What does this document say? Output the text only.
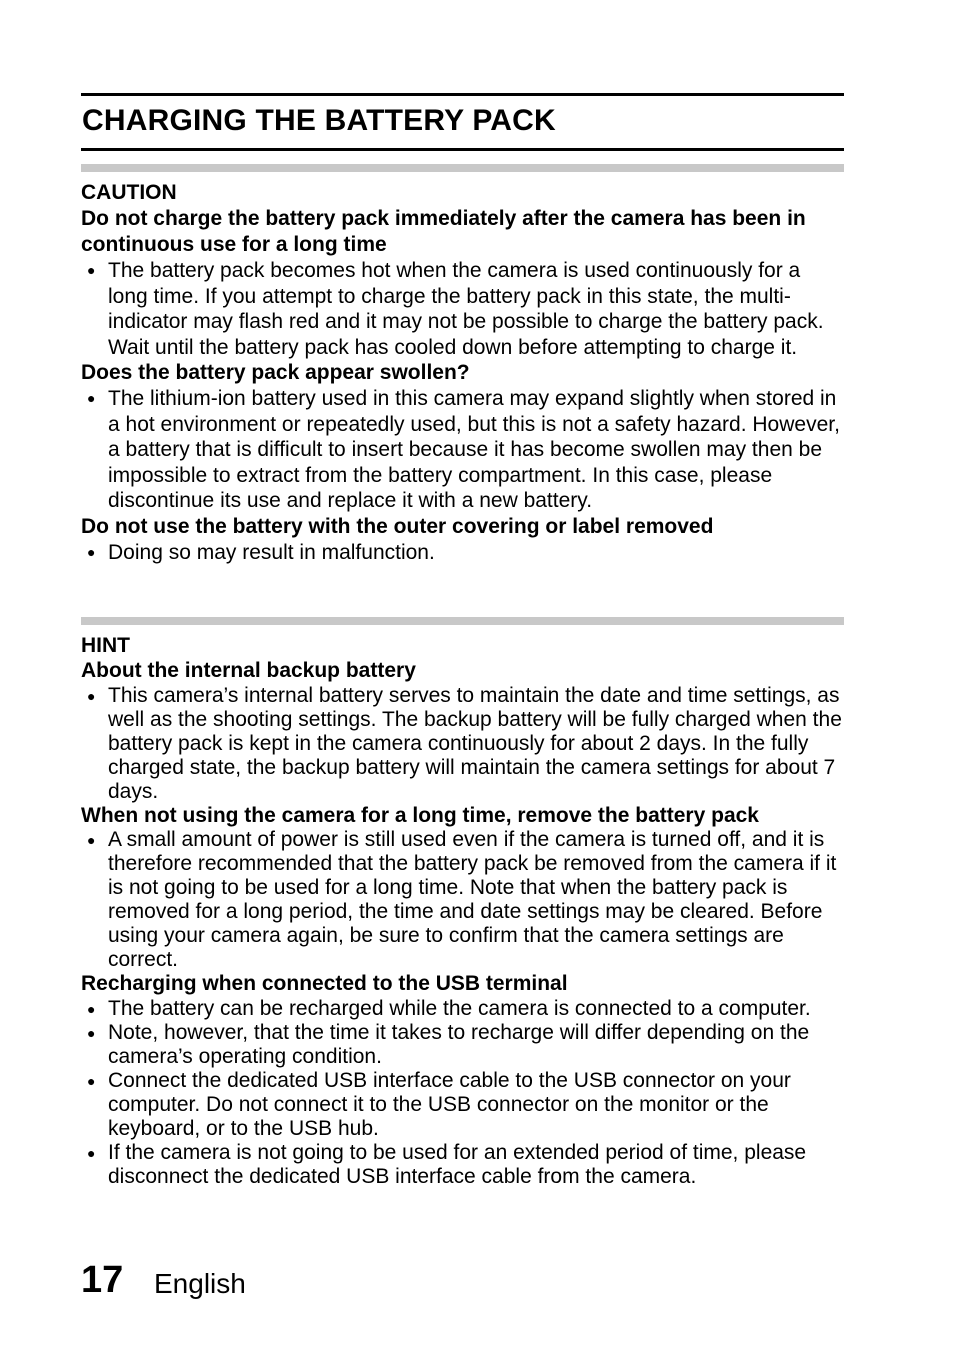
CHARGING THE BATTERY PACK
CAUTION
Do not charge the battery pack immediately after the camera has been in continuous use for a long time
● The battery pack becomes hot when the camera is used continuously for a long time. If you attempt to charge the battery pack in this state, the multi-indicator may flash red and it may not be possible to charge the battery pack. Wait until the battery pack has cooled down before attempting to charge it.
Does the battery pack appear swollen?
● The lithium-ion battery used in this camera may expand slightly when stored in a hot environment or repeatedly used, but this is not a safety hazard. However, a battery that is difficult to insert because it has become swollen may then be impossible to extract from the battery compartment. In this case, please discontinue its use and replace it with a new battery.
Do not use the battery with the outer covering or label removed
● Doing so may result in malfunction.
HINT
About the internal backup battery
● This camera’s internal battery serves to maintain the date and time settings, as well as the shooting settings. The backup battery will be fully charged when the battery pack is kept in the camera continuously for about 2 days. In the fully charged state, the backup battery will maintain the camera settings for about 7 days.
When not using the camera for a long time, remove the battery pack
● A small amount of power is still used even if the camera is turned off, and it is therefore recommended that the battery pack be removed from the camera if it is not going to be used for a long time. Note that when the battery pack is removed for a long period, the time and date settings may be cleared. Before using your camera again, be sure to confirm that the camera settings are correct.
Recharging when connected to the USB terminal
● The battery can be recharged while the camera is connected to a computer.
● Note, however, that the time it takes to recharge will differ depending on the camera’s operating condition.
● Connect the dedicated USB interface cable to the USB connector on your computer. Do not connect it to the USB connector on the monitor or the keyboard, or to the USB hub.
● If the camera is not going to be used for an extended period of time, please disconnect the dedicated USB interface cable from the camera.
17 English
